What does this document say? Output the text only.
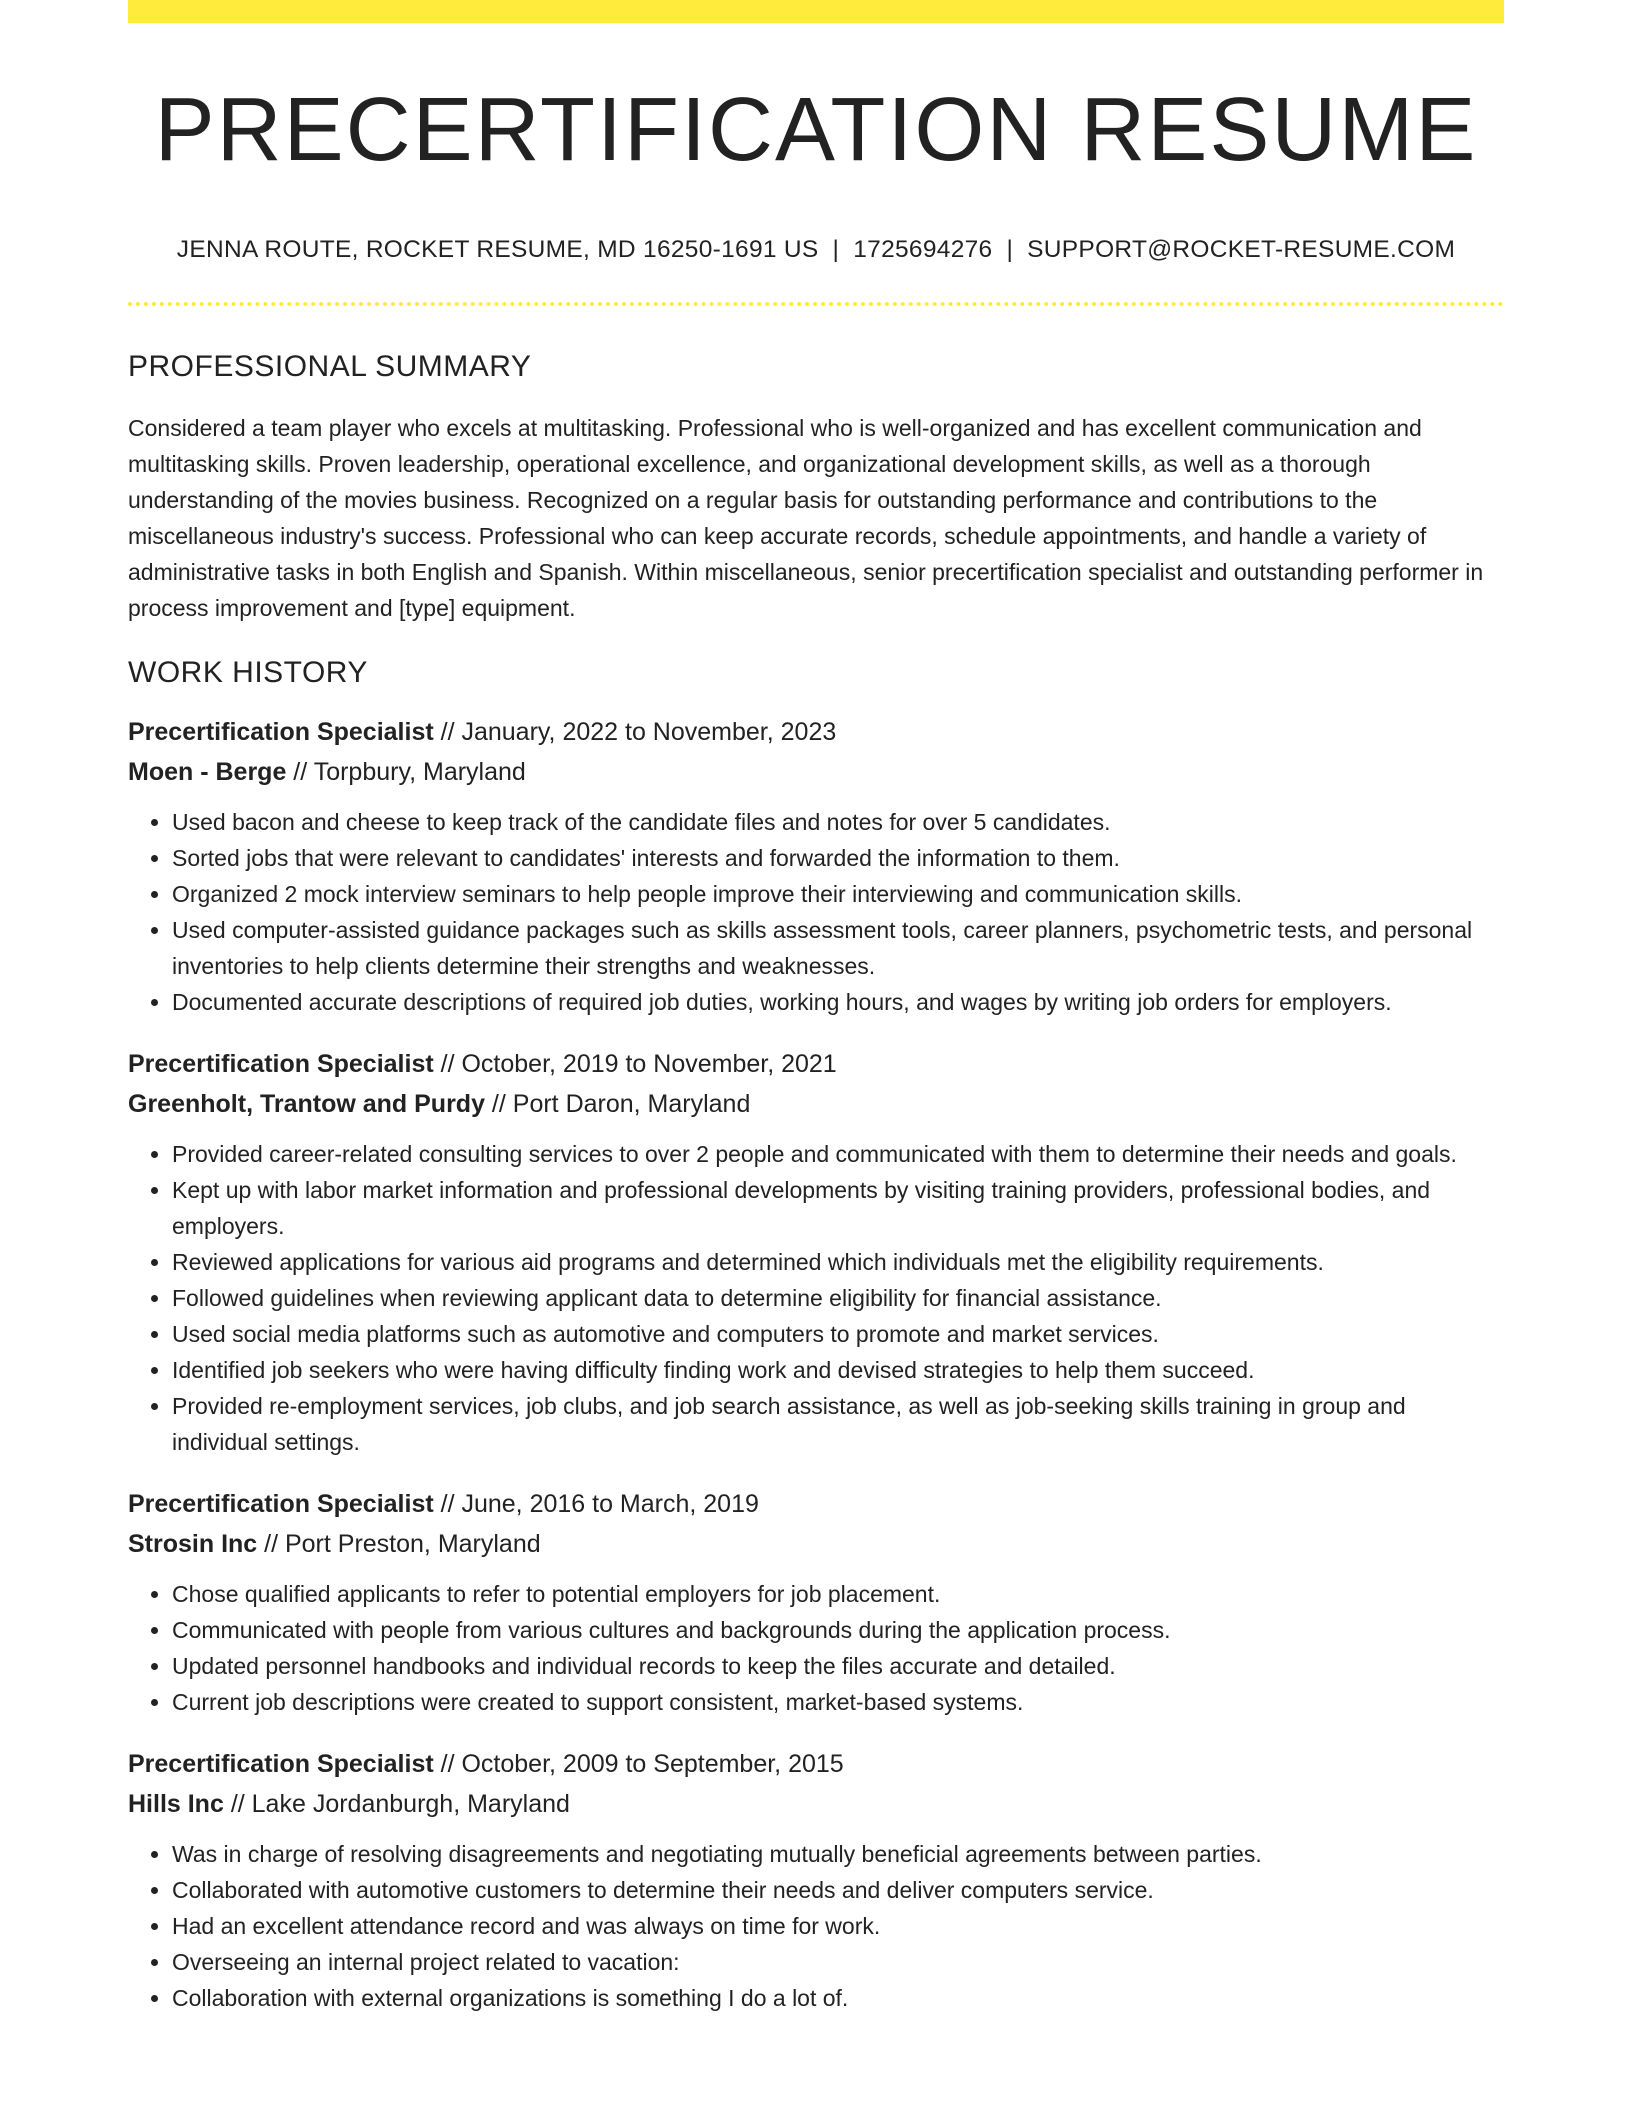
PRECERTIFICATION RESUME
JENNA ROUTE, ROCKET RESUME, MD 16250-1691 US | 1725694276 | SUPPORT@ROCKET-RESUME.COM
PROFESSIONAL SUMMARY

Considered a team player who excels at multitasking. Professional who is well-organized and has excellent communication and multitasking skills. Proven leadership, operational excellence, and organizational development skills, as well as a thorough understanding of the movies business. Recognized on a regular basis for outstanding performance and contributions to the miscellaneous industry's success. Professional who can keep accurate records, schedule appointments, and handle a variety of administrative tasks in both English and Spanish. Within miscellaneous, senior precertification specialist and outstanding performer in process improvement and [type] equipment.

WORK HISTORY
Precertification Specialist // January, 2022 to November, 2023
Moen - Berge // Torpbury, Maryland
• Used bacon and cheese to keep track of the candidate files and notes for over 5 candidates.
• Sorted jobs that were relevant to candidates' interests and forwarded the information to them.
• Organized 2 mock interview seminars to help people improve their interviewing and communication skills.
• Used computer-assisted guidance packages such as skills assessment tools, career planners, psychometric tests, and personal inventories to help clients determine their strengths and weaknesses.
• Documented accurate descriptions of required job duties, working hours, and wages by writing job orders for employers.
Precertification Specialist // October, 2019 to November, 2021
Greenholt, Trantow and Purdy // Port Daron, Maryland
• Provided career-related consulting services to over 2 people and communicated with them to determine their needs and goals.
• Kept up with labor market information and professional developments by visiting training providers, professional bodies, and employers.
• Reviewed applications for various aid programs and determined which individuals met the eligibility requirements.
• Followed guidelines when reviewing applicant data to determine eligibility for financial assistance.
• Used social media platforms such as automotive and computers to promote and market services.
• Identified job seekers who were having difficulty finding work and devised strategies to help them succeed.
• Provided re-employment services, job clubs, and job search assistance, as well as job-seeking skills training in group and individual settings.
Precertification Specialist // June, 2016 to March, 2019
Strosin Inc // Port Preston, Maryland
• Chose qualified applicants to refer to potential employers for job placement.
• Communicated with people from various cultures and backgrounds during the application process.
• Updated personnel handbooks and individual records to keep the files accurate and detailed.
• Current job descriptions were created to support consistent, market-based systems.
Precertification Specialist // October, 2009 to September, 2015
Hills Inc // Lake Jordanburgh, Maryland
• Was in charge of resolving disagreements and negotiating mutually beneficial agreements between parties.
• Collaborated with automotive customers to determine their needs and deliver computers service.
• Had an excellent attendance record and was always on time for work.
• Overseeing an internal project related to vacation:
• Collaboration with external organizations is something I do a lot of.
